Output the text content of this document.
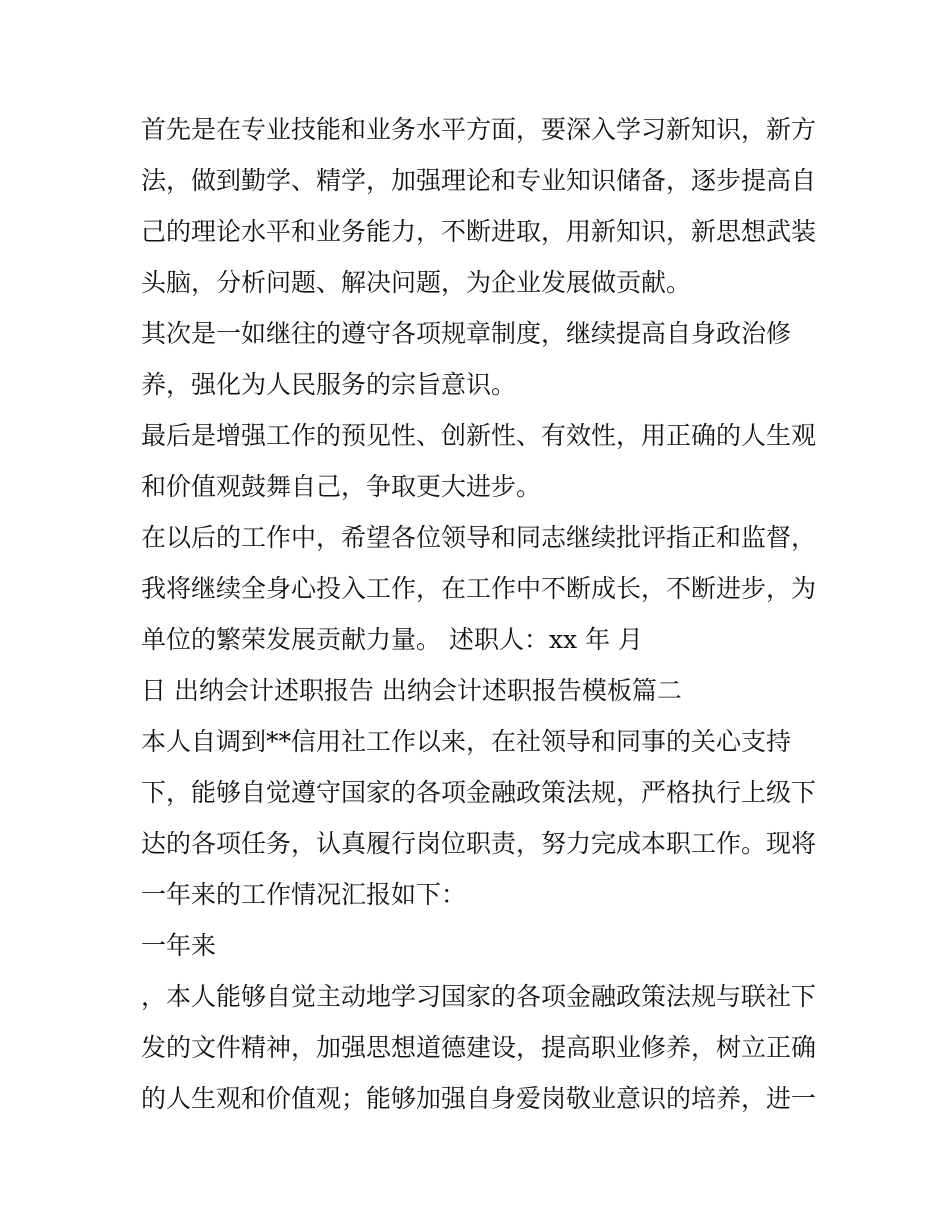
首先是在专业技能和业务水平方面，要深入学习新知识，新方
法，做到勤学、精学，加强理论和专业知识储备，逐步提高自
己的理论水平和业务能力，不断进取，用新知识，新思想武装
头脑，分析问题、解决问题，为企业发展做贡献。
其次是一如继往的遵守各项规章制度，继续提高自身政治修
养，强化为人民服务的宗旨意识。
最后是增强工作的预见性、创新性、有效性，用正确的人生观
和价值观鼓舞自己，争取更大进步。
在以后的工作中，希望各位领导和同志继续批评指正和监督，
我将继续全身心投入工作，在工作中不断成长，不断进步，为
单位的繁荣发展贡献力量。 述职人：xx 年 月
日 出纳会计述职报告 出纳会计述职报告模板篇二
本人自调到**信用社工作以来，在社领导和同事的关心支持
下，能够自觉遵守国家的各项金融政策法规，严格执行上级下
达的各项任务，认真履行岗位职责，努力完成本职工作。现将
一年来的工作情况汇报如下：
一年来
，本人能够自觉主动地学习国家的各项金融政策法规与联社下
发的文件精神，加强思想道德建设，提高职业修养，树立正确
的人生观和价值观；能够加强自身爱岗敬业意识的培养，进一
